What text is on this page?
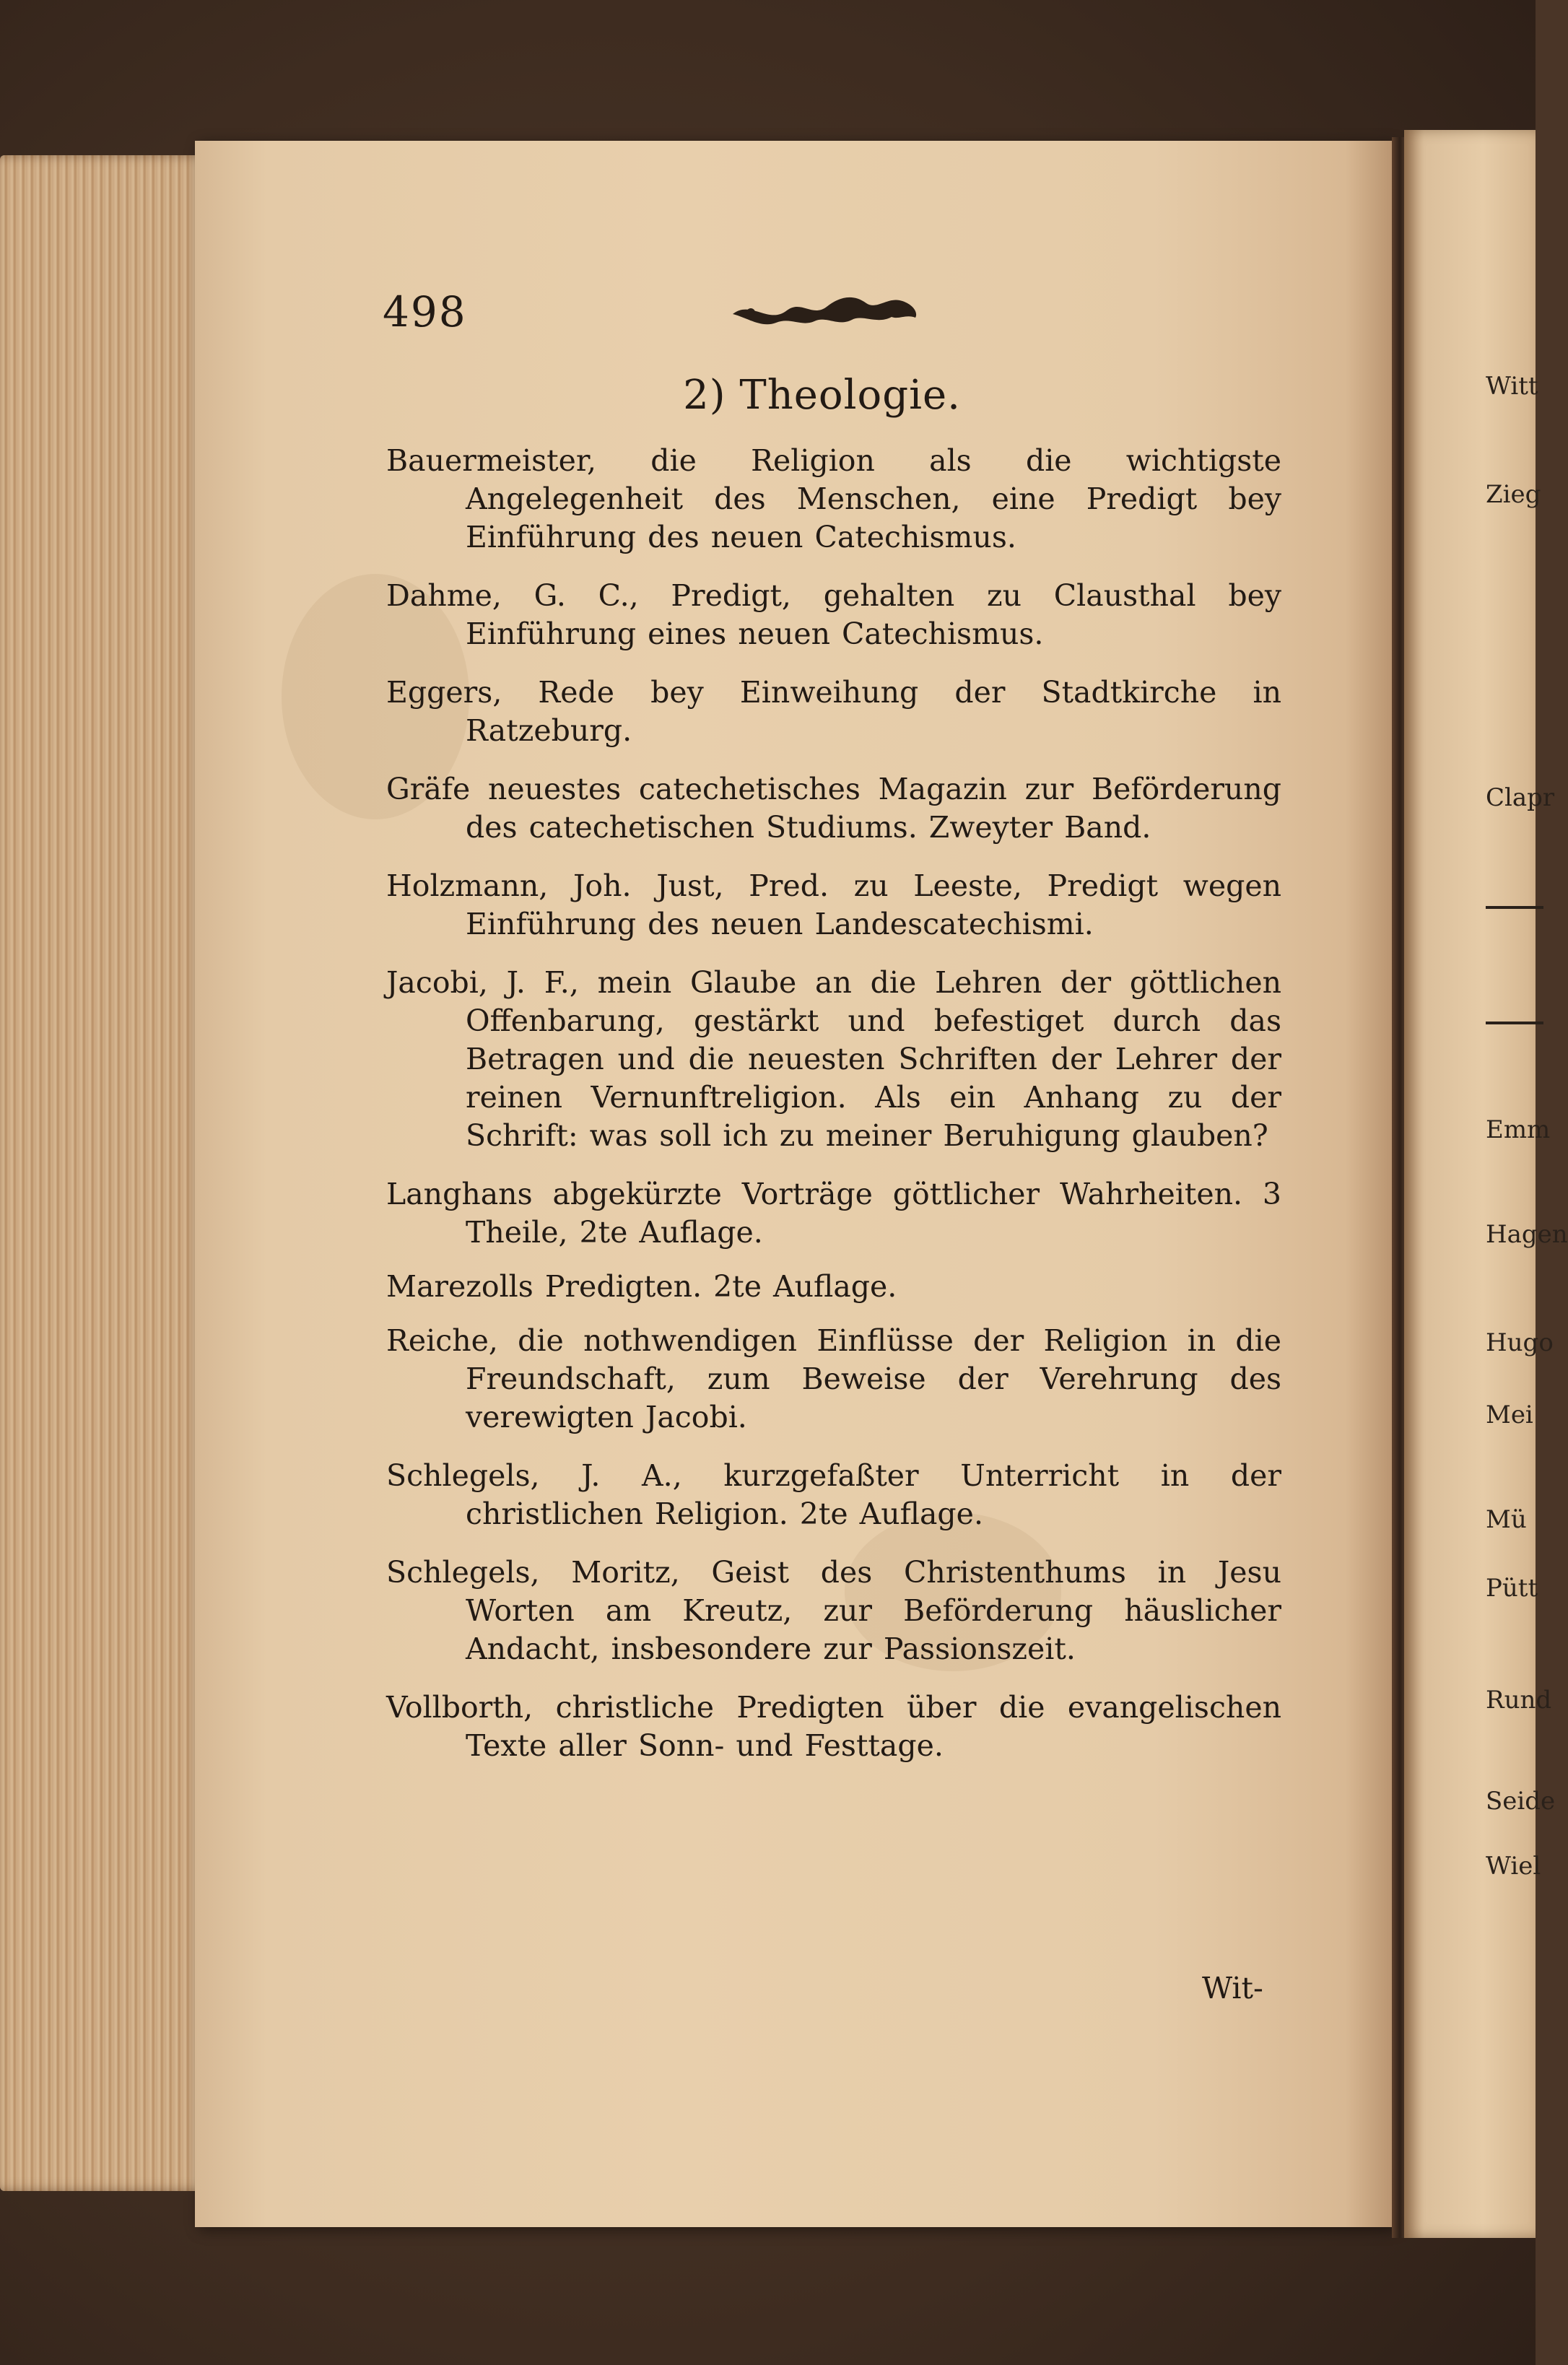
498
2) Theologie.
Bauermeister, die Religion als die wichtigste Angelegenheit des Menschen, eine Predigt bey Einführung des neuen Catechismus.
Dahme, G. C., Predigt, gehalten zu Clausthal bey Einführung eines neuen Catechismus.
Eggers, Rede bey Einweihung der Stadtkirche in Ratzeburg.
Gräfe neuestes catechetisches Magazin zur Beförderung des catechetischen Studiums. Zweyter Band.
Holzmann, Joh. Just, Pred. zu Leeste, Predigt wegen Einführung des neuen Landescatechismi.
Jacobi, J. F., mein Glaube an die Lehren der göttlichen Offenbarung, gestärkt und befestiget durch das Betragen und die neuesten Schriften der Lehrer der reinen Vernunftreligion. Als ein Anhang zu der Schrift: was soll ich zu meiner Beruhigung glauben?
Langhans abgekürzte Vorträge göttlicher Wahrheiten. 3 Theile, 2te Auflage.
Marezolls Predigten. 2te Auflage.
Reiche, die nothwendigen Einflüsse der Religion in die Freundschaft, zum Beweise der Verehrung des verewigten Jacobi.
Schlegels, J. A., kurzgefaßter Unterricht in der christlichen Religion. 2te Auflage.
Schlegels, Moritz, Geist des Christenthums in Jesu Worten am Kreutz, zur Beförderung häuslicher Andacht, insbesondere zur Passionszeit.
Vollborth, christliche Predigten über die evangelischen Texte aller Sonn- und Festtage.
Wit-
Witt
Zieg
Clapr
Emm
Hagen
Hugo
Mei
Mü
Pütt
Rund
Seide
Wiel
